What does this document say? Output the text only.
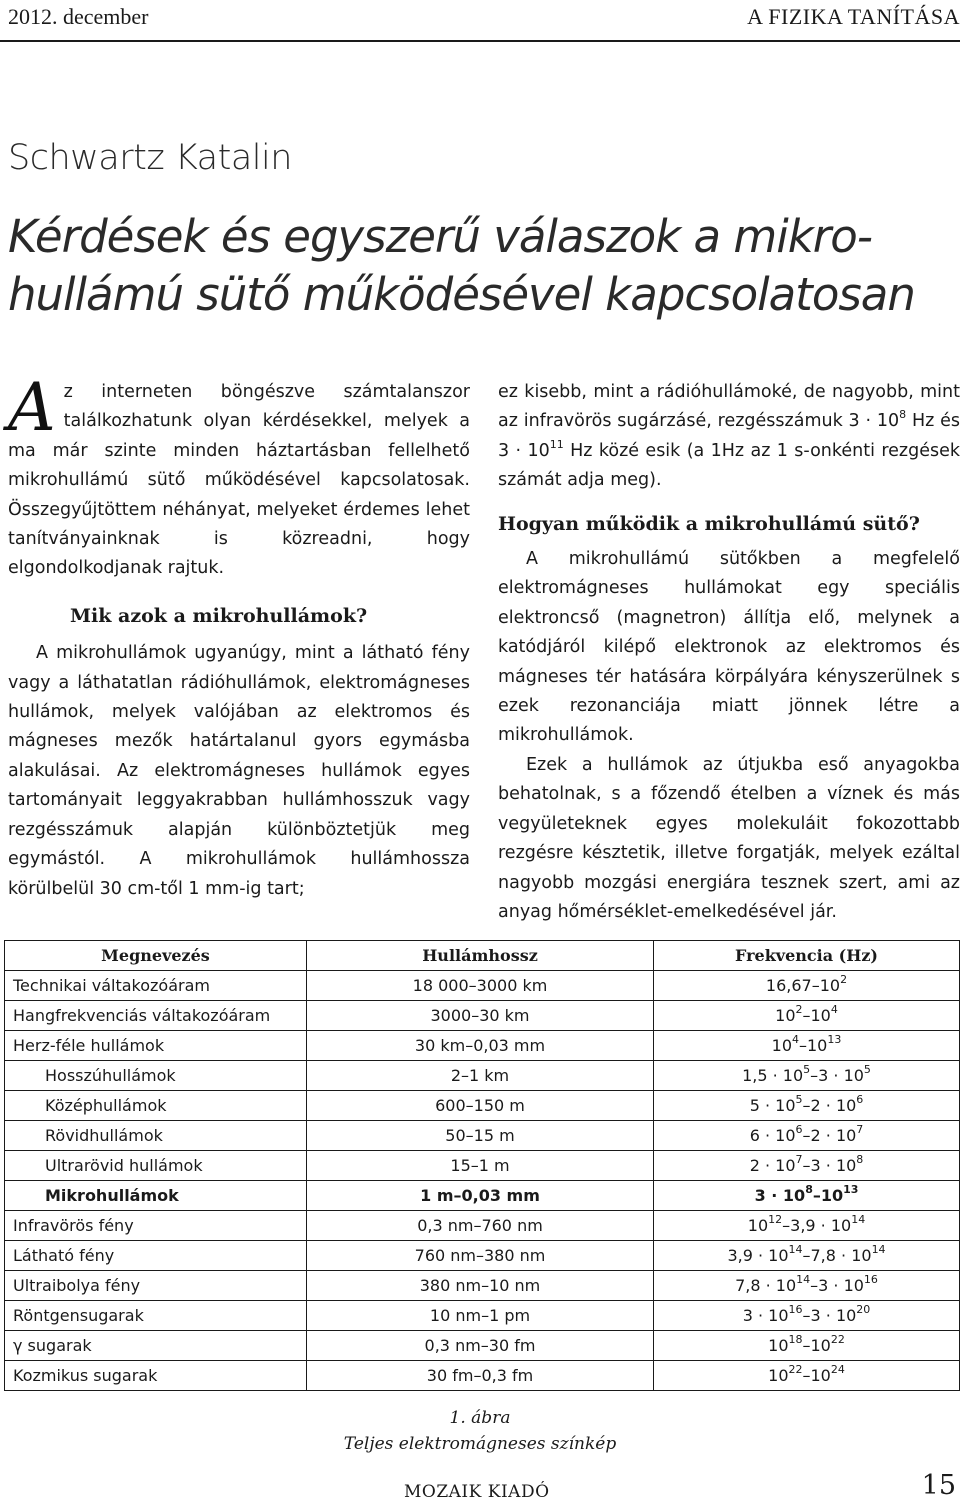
2012. december	A FIZIKA TANÍTÁSA
Schwartz Katalin
Kérdések és egyszerű válaszok a mikro-
hullámú sütő működésével kapcsolatosan

Az interneten böngészve számtalanszor találkozhatunk olyan kérdésekkel, melyek a ma már szinte minden háztartásban fellelhető mikrohullámú sütő működésével kapcsolatosak. Összegyűjtöttem néhányat, melyeket érdemes lehet tanítványainknak is közreadni, hogy elgondolkodjanak rajtuk.

Mik azok a mikrohullámok?

A mikrohullámok ugyanúgy, mint a látható fény vagy a láthatatlan rádióhullámok, elektromágneses hullámok, melyek valójában az elektromos és mágneses mezők határtalanul gyors egymásba alakulásai. Az elektromágneses hullámok egyes tartományait leggyakrabban hullámhosszuk vagy rezgésszámuk alapján különböztetjük meg egymástól. A mikrohullámok hullámhossza körülbelül 30 cm-től 1 mm-ig tart;

ez kisebb, mint a rádióhullámoké, de nagyobb, mint az infravörös sugárzásé, rezgésszámuk $3 \cdot 10^8$ Hz és $3 \cdot 10^{11}$ Hz közé esik (a 1Hz az 1 s-onkénti rezgések számát adja meg).

Hogyan működik a mikrohullámú sütő?

A mikrohullámú sütőkben a megfelelő elektromágneses hullámokat egy speciális elektroncső (magnetron) állítja elő, melynek a katódjáról kilépő elektronok az elektromos és mágneses tér hatására körpályára kényszerülnek s ezek rezonanciája miatt jönnek létre a mikrohullámok.

Ezek a hullámok az útjukba eső anyagokba behatolnak, s a főzendő ételben a víznek és más vegyületeknek egyes molekuláit fokozottabb rezgésre késztetik, illetve forgatják, melyek ezáltal nagyobb mozgási energiára tesznek szert, ami az anyag hőmérséklet-emelkedésével jár.

Megnevezés	Hullámhossz	Frekvencia (Hz)
Technikai váltakozóáram	18 000–3000 km	$16,67-10^2$
Hangfrekvenciás váltakozóáram	3000–30 km	$10^2-10^4$
Herz-féle hullámok	30 km–0,03 mm	$10^4-10^{13}$
Hosszúhullámok	2–1 km	$1,5 \cdot 10^5-3 \cdot 10^5$
Középhullámok	600–150 m	$5 \cdot 10^5-2 \cdot 10^6$
Rövidhullámok	50–15 m	$6 \cdot 10^6-2 \cdot 10^7$
Ultrarövid hullámok	15–1 m	$2 \cdot 10^7-3 \cdot 10^8$
Mikrohullámok	1 m–0,03 mm	$3 \cdot 10^8-10^{13}$
Infravörös fény	0,3 nm–760 nm	$10^{12}-3,9 \cdot 10^{14}$
Látható fény	760 nm–380 nm	$3,9 \cdot 10^{14}-7,8 \cdot 10^{14}$
Ultraibolya fény	380 nm–10 nm	$7,8 \cdot 10^{14}-3 \cdot 10^{16}$
Röntgensugarak	10 nm–1 pm	$3 \cdot 10^{16}-3 \cdot 10^{20}$
γ sugarak	0,3 nm–30 fm	$10^{18}-10^{22}$
Kozmikus sugarak	30 fm–0,3 fm	$10^{22}-10^{24}$
1. ábra
Teljes elektromágneses színkép
MOZAIK KIADÓ	15
